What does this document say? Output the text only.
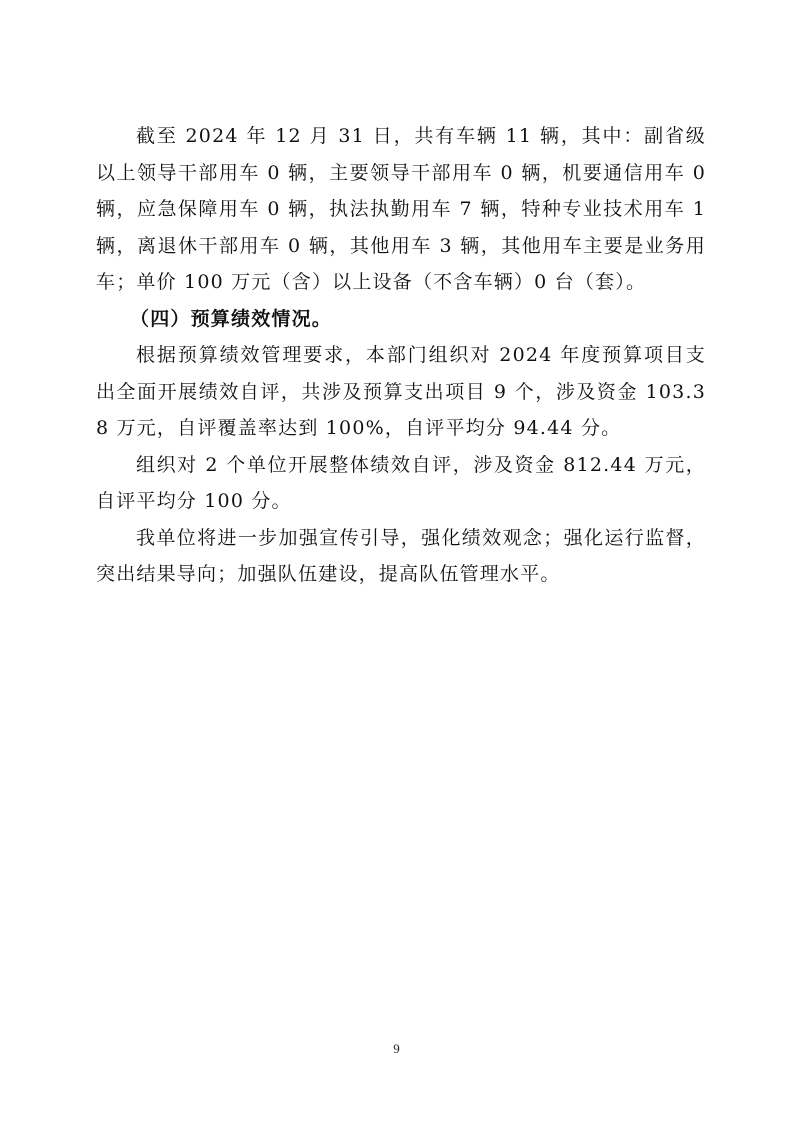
截至 2024 年 12 月 31 日，共有车辆 11 辆，其中：副省级以上领导干部用车 0 辆，主要领导干部用车 0 辆，机要通信用车 0 辆，应急保障用车 0 辆，执法执勤用车 7 辆，特种专业技术用车 1 辆，离退休干部用车 0 辆，其他用车 3 辆，其他用车主要是业务用车；单价 100 万元（含）以上设备（不含车辆）0 台（套）。

（四）预算绩效情况。

根据预算绩效管理要求，本部门组织对 2024 年度预算项目支出全面开展绩效自评，共涉及预算支出项目 9 个，涉及资金 103.38 万元，自评覆盖率达到 100%，自评平均分 94.44 分。

组织对 2 个单位开展整体绩效自评，涉及资金 812.44 万元，自评平均分 100 分。

我单位将进一步加强宣传引导，强化绩效观念；强化运行监督，突出结果导向；加强队伍建设，提高队伍管理水平。

9
